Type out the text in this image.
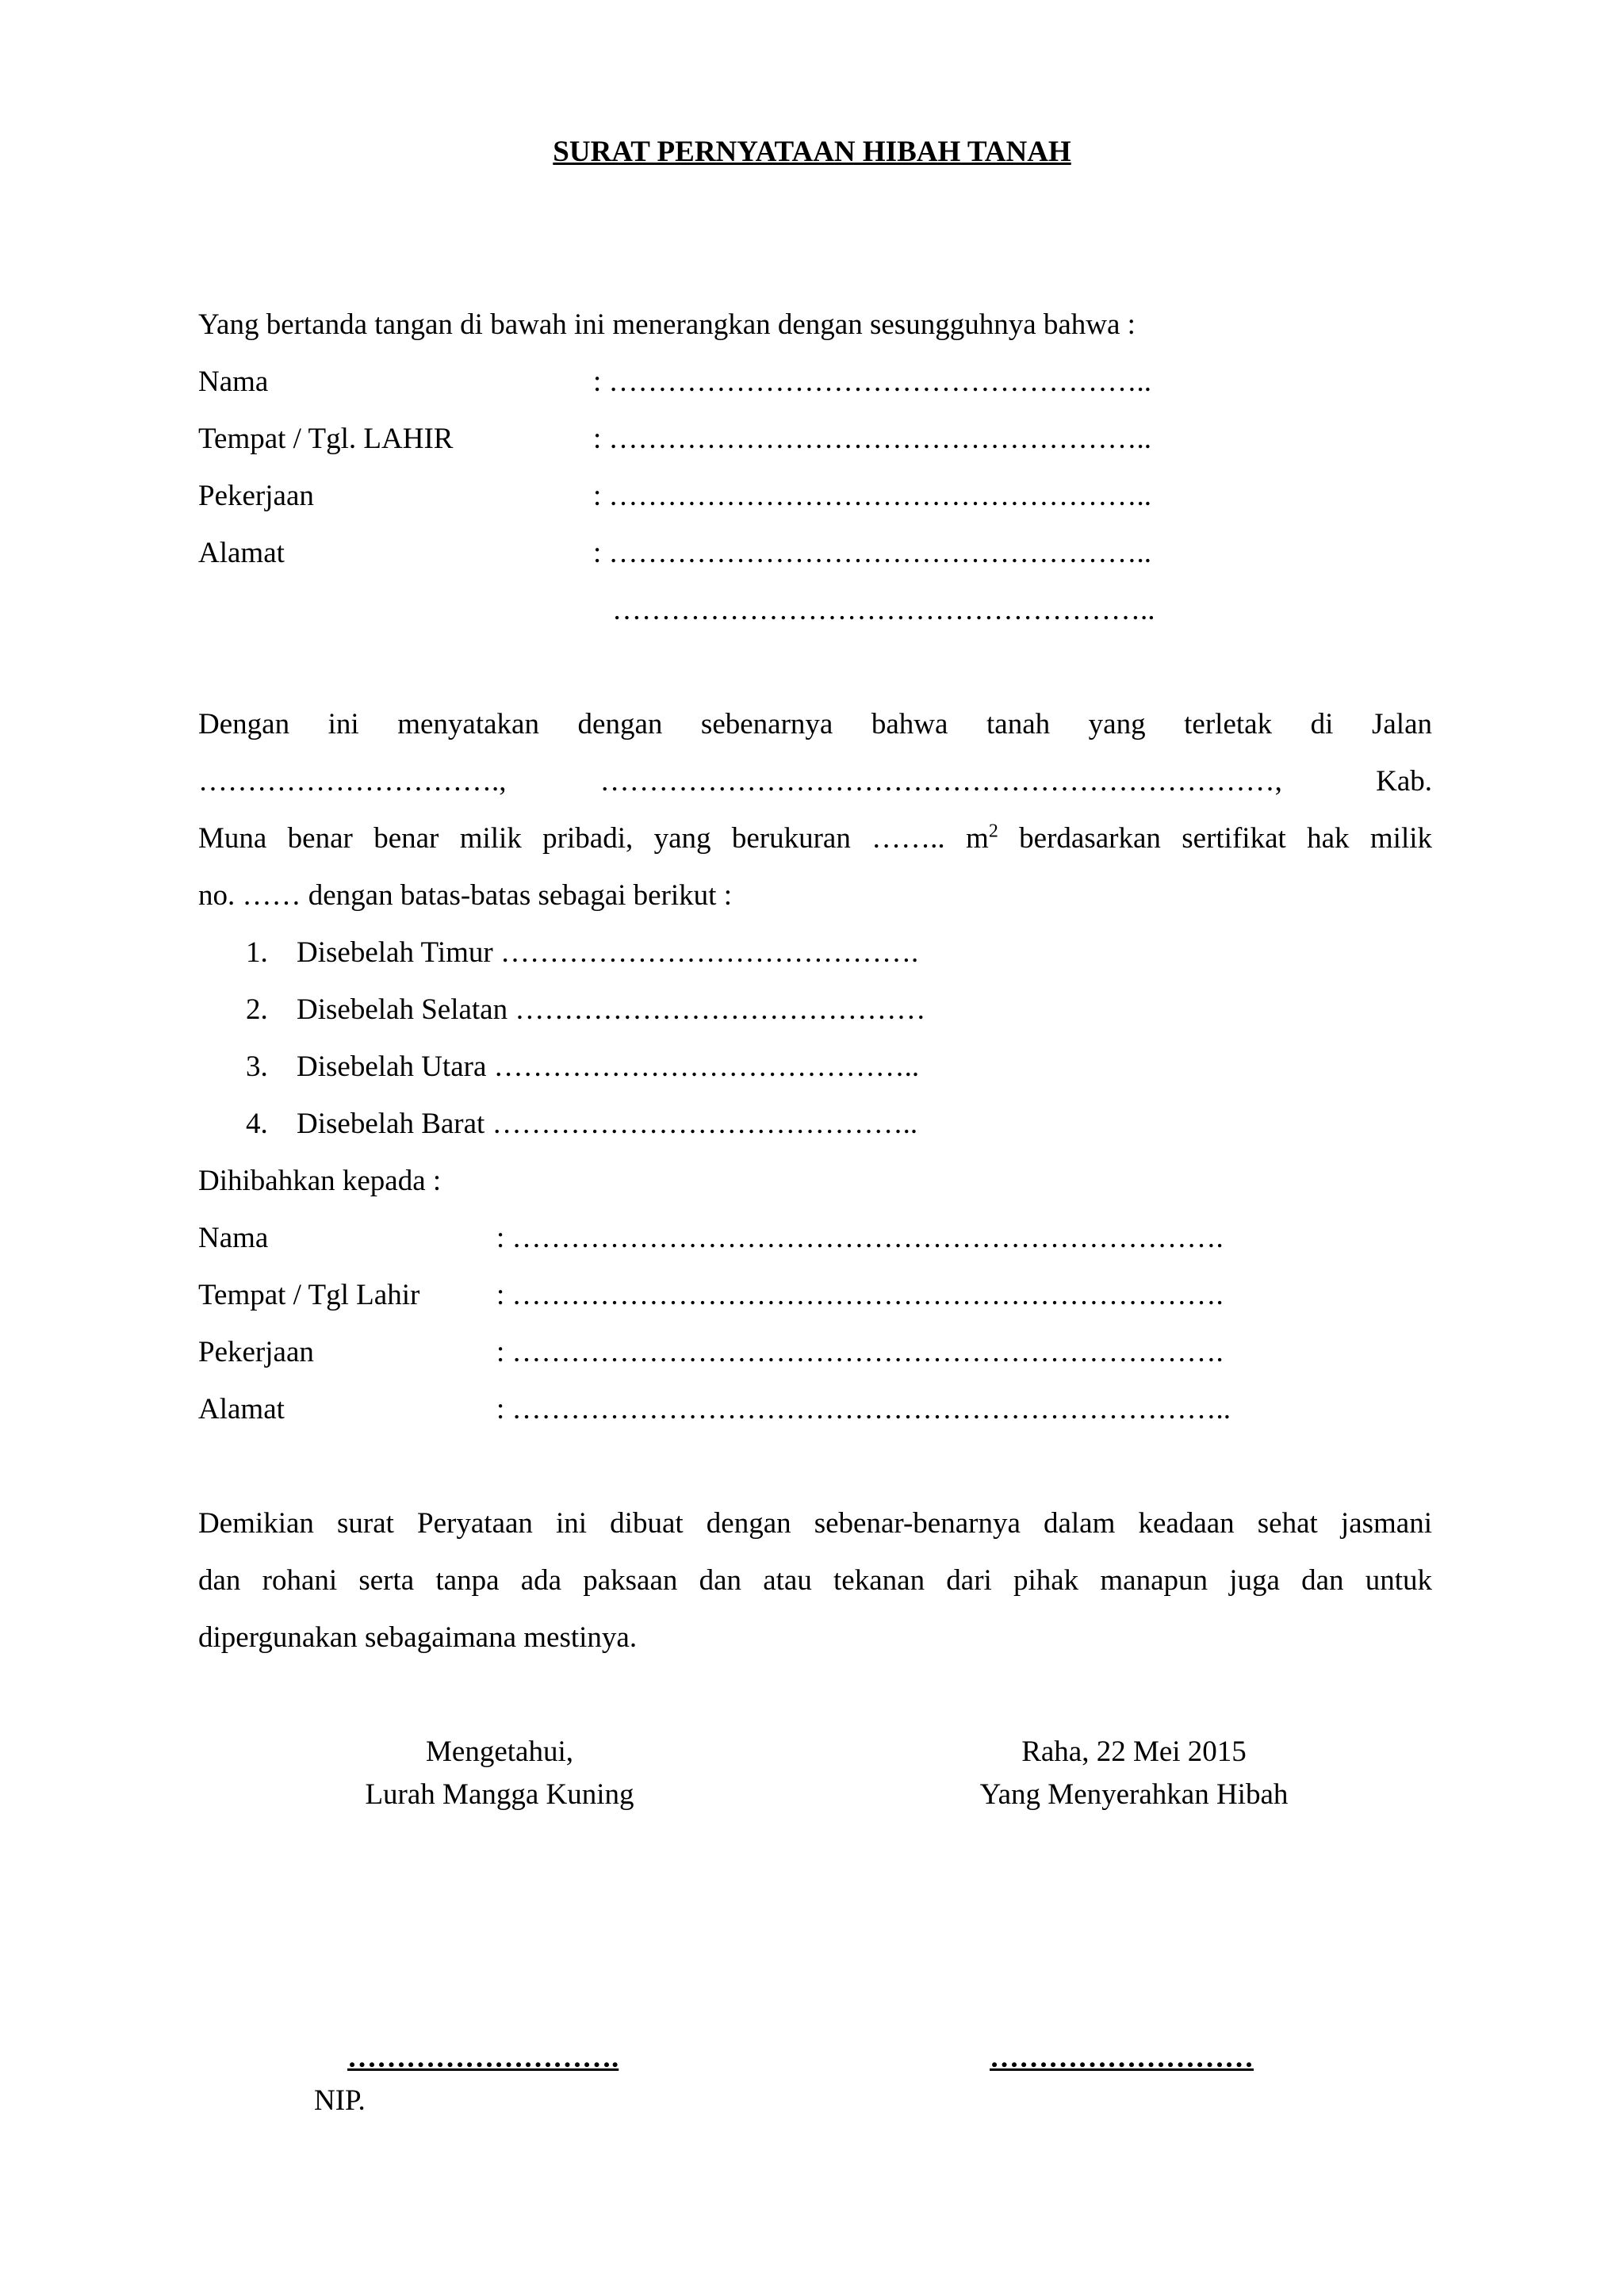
SURAT PERNYATAAN HIBAH TANAH
Yang bertanda tangan di bawah ini menerangkan dengan sesungguhnya bahwa :
Nama	: ………………………………………………..
Tempat / Tgl. LAHIR	: ………………………………………………..
Pekerjaan	: ………………………………………………..
Alamat	: ………………………………………………..
………………………………………………..
Dengan ini menyatakan dengan sebenarnya bahwa tanah yang terletak di Jalan
…………………………., ……………………………………………………………, Kab.
Muna benar benar milik pribadi, yang berukuran …….. $m^2$ berdasarkan sertifikat hak milik
no. …… dengan batas-batas sebagai berikut :
1. Disebelah Timur …………………………………….
2. Disebelah Selatan ……………………………………
3. Disebelah Utara ……………………………………..
4. Disebelah Barat ……………………………………..
Dihibahkan kepada :
Nama	: ……………………………………………………………….
Tempat / Tgl Lahir	: ……………………………………………………………….
Pekerjaan	: ……………………………………………………………….
Alamat	: ………………………………………………………………..
Demikian surat Peryataan ini dibuat dengan sebenar-benarnya dalam keadaan sehat jasmani
dan rohani serta tanpa ada paksaan dan atau tekanan dari pihak manapun juga dan untuk
dipergunakan sebagaimana mestinya.
Mengetahui,
Lurah Mangga Kuning
Raha, 22 Mei 2015
Yang Menyerahkan Hibah
……………………….	………………………
NIP.
